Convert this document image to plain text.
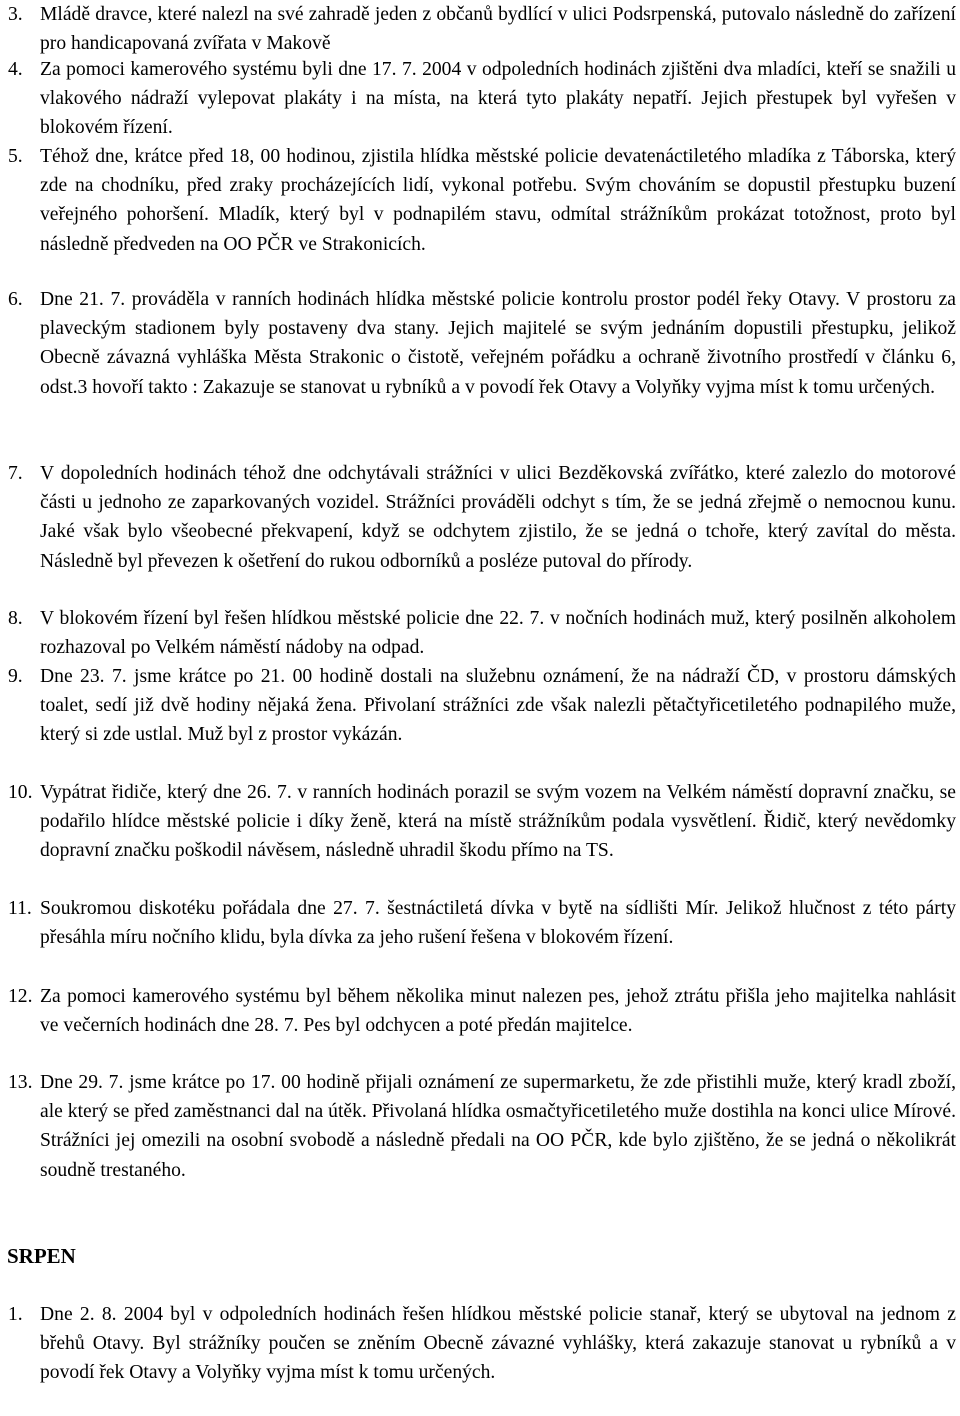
3. Mládě dravce, které nalezl na své zahradě jeden z občanů bydlící v ulici Podsrpenská, putovalo následně do zařízení pro handicapovaná zvířata v Makově
4. Za pomoci kamerového systému byli dne 17. 7. 2004 v odpoledních hodinách zjištěni dva mladíci, kteří se snažili u vlakového nádraží vylepovat plakáty i na místa, na která tyto plakáty nepatří. Jejich přestupek byl vyřešen v blokovém řízení.
5. Téhož dne, krátce před 18, 00 hodinou, zjistila hlídka městské policie devatenáctiletého mladíka z Táborska, který zde na chodníku, před zraky procházejících lidí, vykonal potřebu. Svým chováním se dopustil přestupku buzení veřejného pohoršení. Mladík, který byl v podnapilém stavu, odmítal strážníkům prokázat totožnost, proto byl následně předveden na OO PČR ve Strakonicích.
6. Dne 21. 7. prováděla v ranních hodinách hlídka městské policie kontrolu prostor podél řeky Otavy. V prostoru za plaveckým stadionem byly postaveny dva stany. Jejich majitelé se svým jednáním dopustili přestupku, jelikož Obecně závazná vyhláška Města Strakonic o čistotě, veřejném pořádku a ochraně životního prostředí v článku 6, odst.3 hovoří takto : Zakazuje se stanovat u rybníků a v povodí řek Otavy a Volyňky vyjma míst k tomu určených.
7. V dopoledních hodinách téhož dne odchytávali strážníci v ulici Bezděkovská zvířátko, které zalezlo do motorové části u jednoho ze zaparkovaných vozidel. Strážníci prováděli odchyt s tím, že se jedná zřejmě o nemocnou kunu. Jaké však bylo všeobecné překvapení, když se odchytem zjistilo, že se jedná o tchoře, který zavítal do města. Následně byl převezen k ošetření do rukou odborníků a posléze putoval do přírody.
8. V blokovém řízení byl řešen hlídkou městské policie dne 22. 7. v nočních hodinách muž, který posilněn alkoholem rozhazoval po Velkém náměstí nádoby na odpad.
9. Dne 23. 7. jsme krátce po 21. 00 hodině dostali na služebnu oznámení, že na nádraží ČD, v prostoru dámských toalet, sedí již dvě hodiny nějaká žena. Přivolaní strážníci zde však nalezli pětačtyřicetiletého podnapilého muže, který si zde ustlal. Muž byl z prostor vykázán.
10. Vypátrat řidiče, který dne 26. 7. v ranních hodinách porazil se svým vozem na Velkém náměstí dopravní značku, se podařilo hlídce městské policie i díky ženě, která na místě strážníkům podala vysvětlení. Řidič, který nevědomky dopravní značku poškodil návěsem, následně uhradil škodu přímo na TS.
11. Soukromou diskotéku pořádala dne 27. 7. šestnáctiletá dívka v bytě na sídlišti Mír. Jelikož hlučnost z této párty přesáhla míru nočního klidu, byla dívka za jeho rušení řešena v blokovém řízení.
12. Za pomoci kamerového systému byl během několika minut nalezen pes, jehož ztrátu přišla jeho majitelka nahlásit ve večerních hodinách dne 28. 7. Pes byl odchycen a poté předán majitelce.
13. Dne 29. 7. jsme krátce po 17. 00 hodině přijali oznámení ze supermarketu, že zde přistihli muže, který kradl zboží, ale který se před zaměstnanci dal na útěk. Přivolaná hlídka osmačtyřicetiletého muže dostihla na konci ulice Mírové. Strážníci jej omezili na osobní svobodě a následně předali na OO PČR, kde bylo zjištěno, že se jedná o několikrát soudně trestaného.
SRPEN
1. Dne 2. 8. 2004 byl v odpoledních hodinách řešen hlídkou městské policie stanař, který se ubytoval na jednom z břehů Otavy. Byl strážníky poučen se zněním Obecně závazné vyhlášky, která zakazuje stanovat u rybníků a v povodí řek Otavy a Volyňky vyjma míst k tomu určených.
